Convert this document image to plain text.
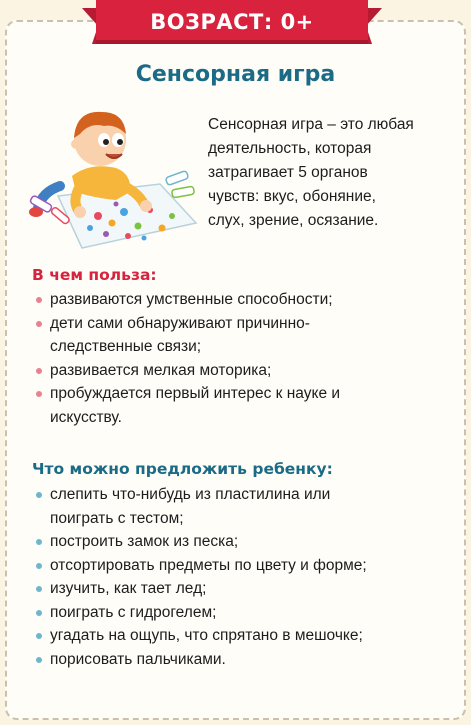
ВОЗРАСТ: 0+
Сенсорная игра
Сенсорная игра – это любая
деятельность, которая
затрагивает 5 органов
чувств: вкус, обоняние,
слух, зрение, осязание.
В чем польза:
развиваются умственные способности;
дети сами обнаруживают причинно-следственные связи;
развивается мелкая моторика;
пробуждается первый интерес к науке и искусству.
Что можно предложить ребенку:
слепить что-нибудь из пластилина или поиграть с тестом;
построить замок из песка;
отсортировать предметы по цвету и форме;
изучить, как тает лед;
поиграть с гидрогелем;
угадать на ощупь, что спрятано в мешочке;
порисовать пальчиками.
